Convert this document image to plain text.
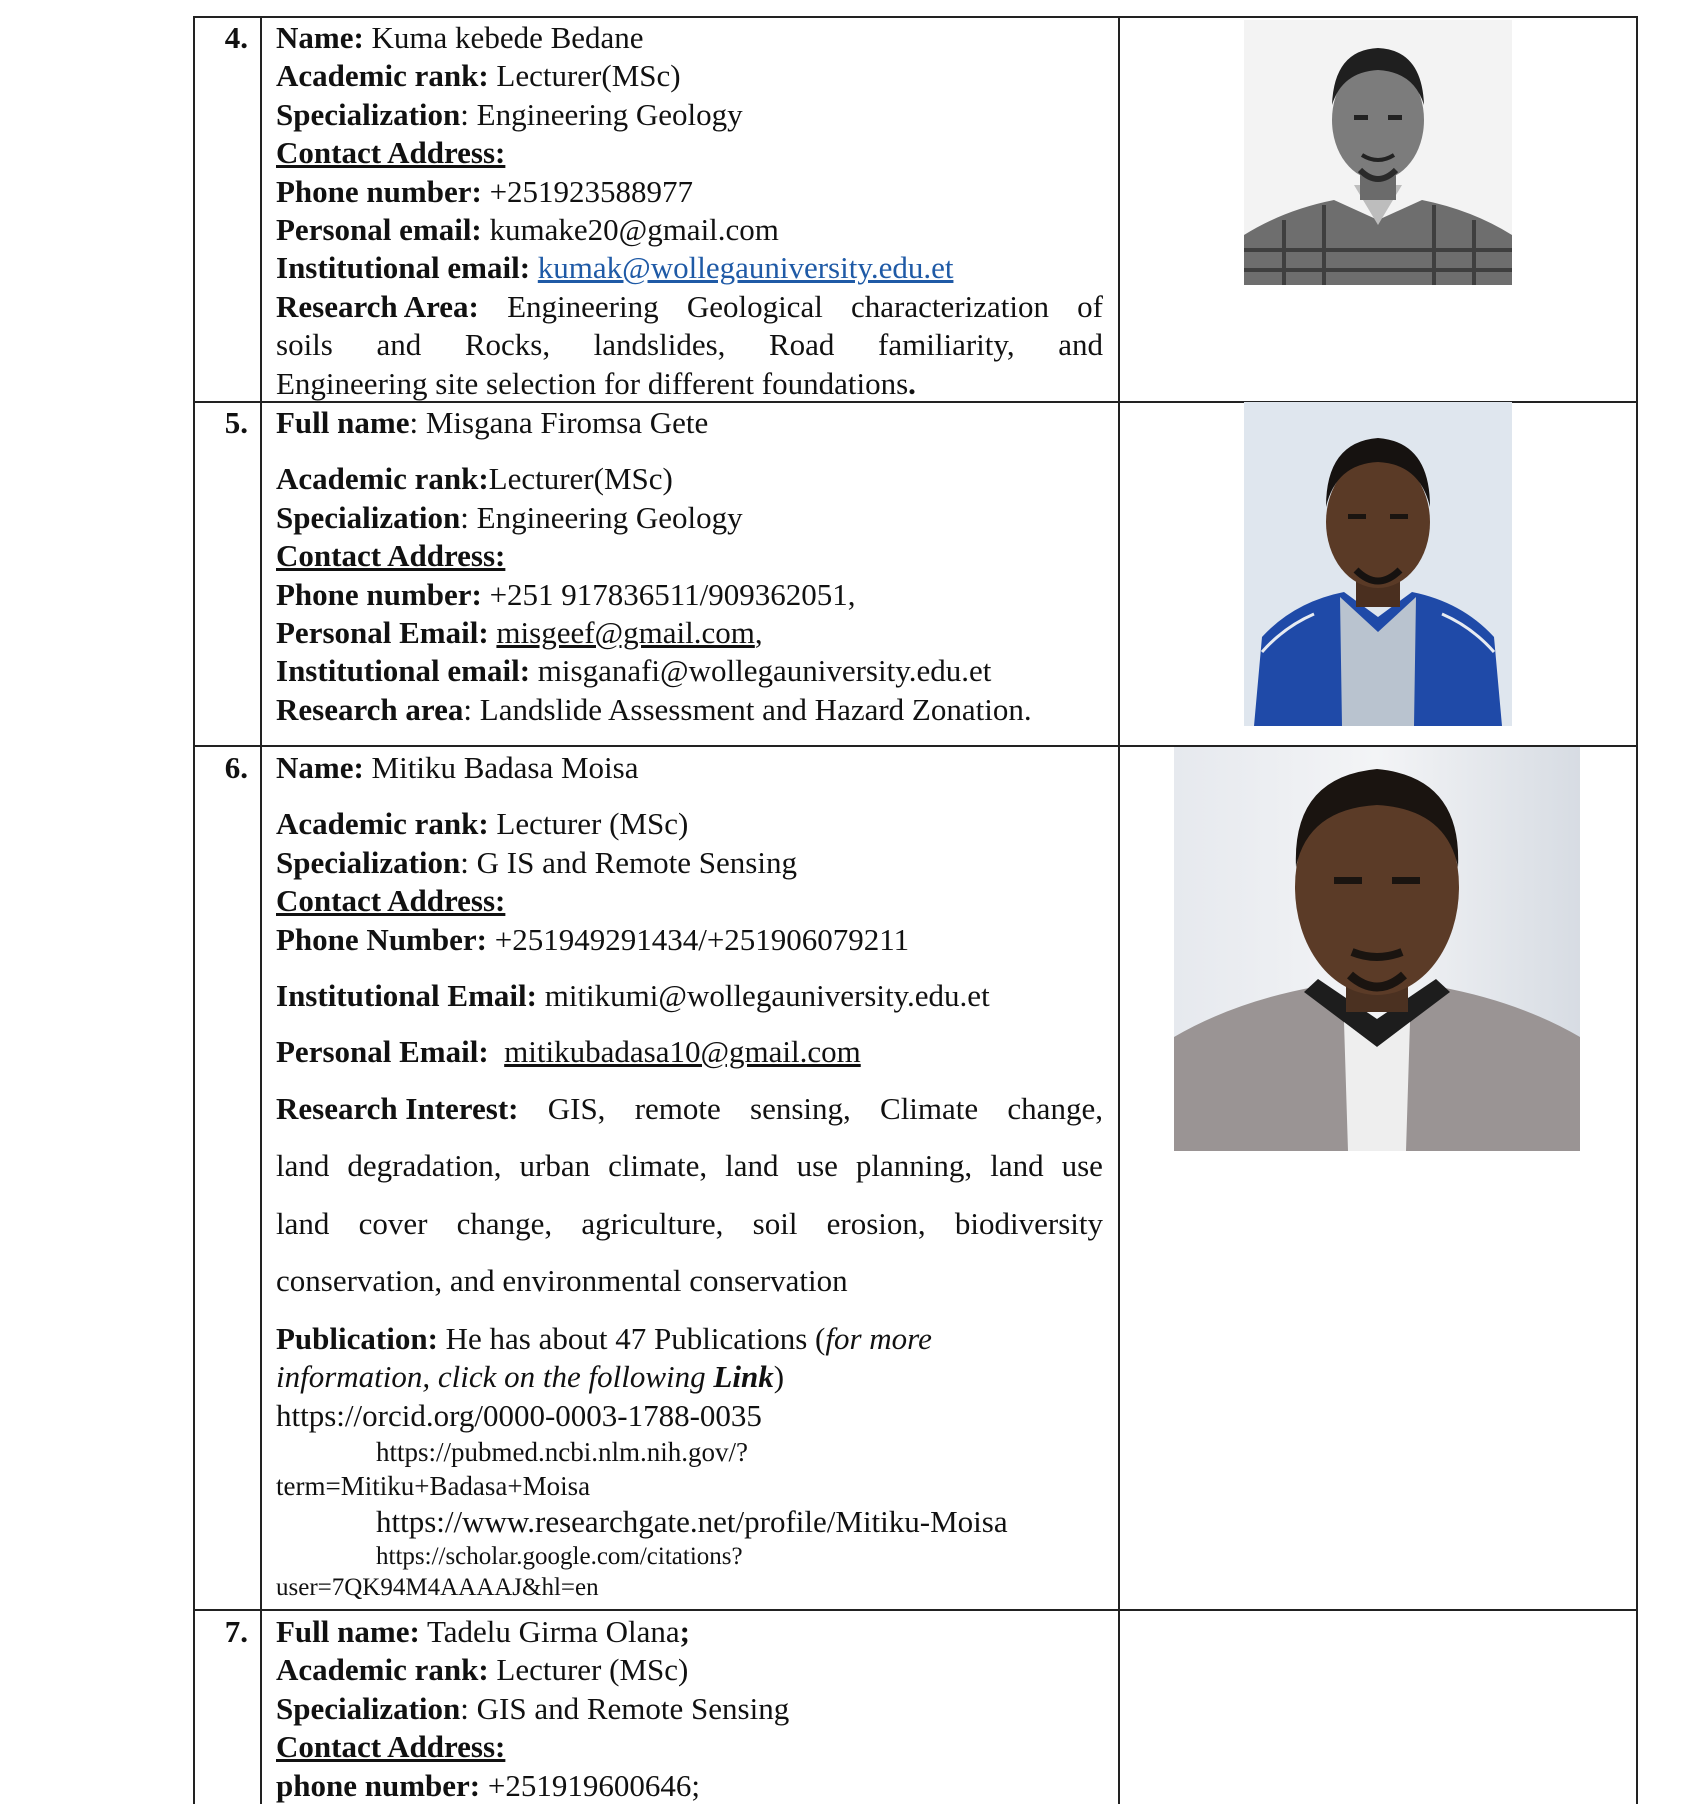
4. Name: Kuma kebede Bedane
Academic rank: Lecturer(MSc)
Specialization: Engineering Geology
Contact Address:
Phone number: +251923588977
Personal email: kumake20@gmail.com
Institutional email: kumak@wollegauniversity.edu.et
Research Area: Engineering Geological characterization of
soils and Rocks, landslides, Road familiarity, and
Engineering site selection for different foundations.
5. Full name: Misgana Firomsa Gete
Academic rank:Lecturer(MSc)
Specialization: Engineering Geology
Contact Address:
Phone number: +251 917836511/909362051,
Personal Email: misgeef@gmail.com,
Institutional email: misganafi@wollegauniversity.edu.et
Research area: Landslide Assessment and Hazard Zonation.
6. Name: Mitiku Badasa Moisa
Academic rank: Lecturer (MSc)
Specialization: G IS and Remote Sensing
Contact Address:
Phone Number: +251949291434/+251906079211
Institutional Email: mitikumi@wollegauniversity.edu.et
Personal Email: mitikubadasa10@gmail.com
Research Interest: GIS, remote sensing, Climate change,
land degradation, urban climate, land use planning, land use
land cover change, agriculture, soil erosion, biodiversity
conservation, and environmental conservation
Publication: He has about 47 Publications (for more
information, click on the following Link)
https://orcid.org/0000-0003-1788-0035
https://pubmed.ncbi.nlm.nih.gov/?
term=Mitiku+Badasa+Moisa
https://www.researchgate.net/profile/Mitiku-Moisa
https://scholar.google.com/citations?
user=7QK94M4AAAAJ&hl=en
7. Full name: Tadelu Girma Olana;
Academic rank: Lecturer (MSc)
Specialization: GIS and Remote Sensing
Contact Address:
phone number: +251919600646;
